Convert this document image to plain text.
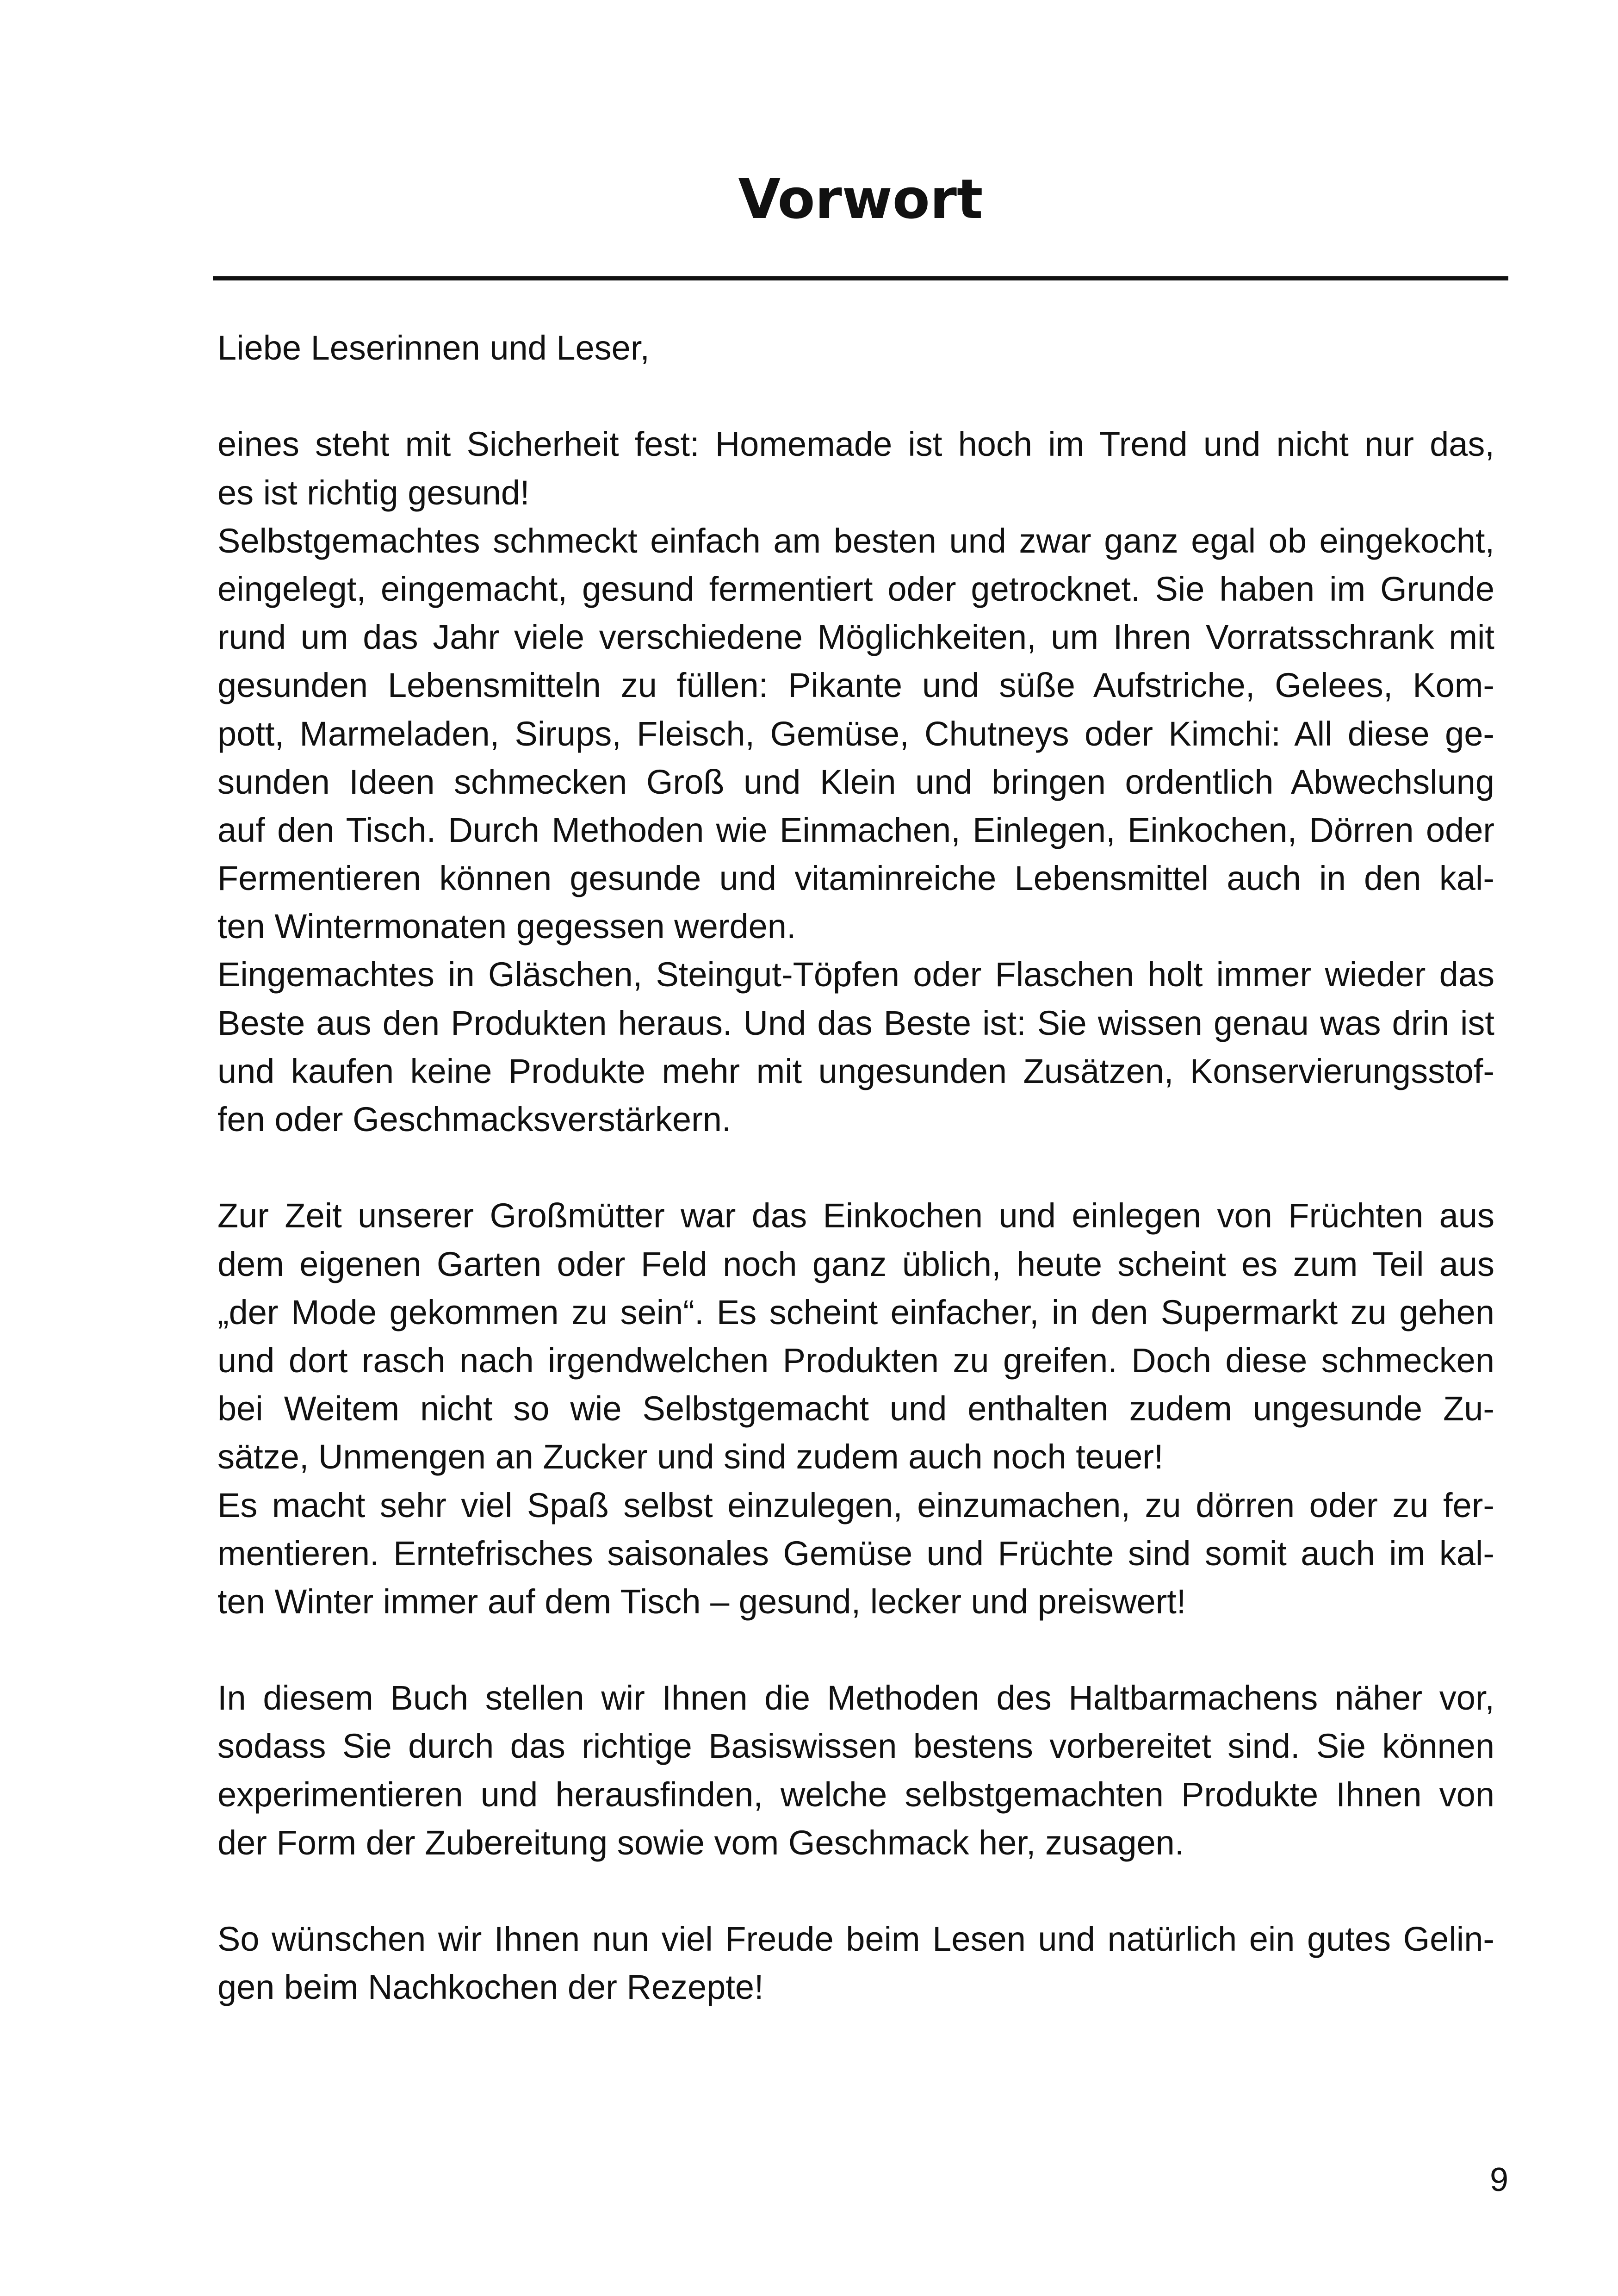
Vorwort
Liebe Leserinnen und Leser,
eines steht mit Sicherheit fest: Homemade ist hoch im Trend und nicht nur das,
es ist richtig gesund!
Selbstgemachtes schmeckt einfach am besten und zwar ganz egal ob eingekocht,
eingelegt, eingemacht, gesund fermentiert oder getrocknet. Sie haben im Grunde
rund um das Jahr viele verschiedene Möglichkeiten, um Ihren Vorratsschrank mit
gesunden Lebensmitteln zu füllen: Pikante und süße Aufstriche, Gelees, Kom-
pott, Marmeladen, Sirups, Fleisch, Gemüse, Chutneys oder Kimchi: All diese ge-
sunden Ideen schmecken Groß und Klein und bringen ordentlich Abwechslung
auf den Tisch. Durch Methoden wie Einmachen, Einlegen, Einkochen, Dörren oder
Fermentieren können gesunde und vitaminreiche Lebensmittel auch in den kal-
ten Wintermonaten gegessen werden.
Eingemachtes in Gläschen, Steingut-Töpfen oder Flaschen holt immer wieder das
Beste aus den Produkten heraus. Und das Beste ist: Sie wissen genau was drin ist
und kaufen keine Produkte mehr mit ungesunden Zusätzen, Konservierungsstof-
fen oder Geschmacksverstärkern.
Zur Zeit unserer Großmütter war das Einkochen und einlegen von Früchten aus
dem eigenen Garten oder Feld noch ganz üblich, heute scheint es zum Teil aus
„der Mode gekommen zu sein“. Es scheint einfacher, in den Supermarkt zu gehen
und dort rasch nach irgendwelchen Produkten zu greifen. Doch diese schmecken
bei Weitem nicht so wie Selbstgemacht und enthalten zudem ungesunde Zu-
sätze, Unmengen an Zucker und sind zudem auch noch teuer!
Es macht sehr viel Spaß selbst einzulegen, einzumachen, zu dörren oder zu fer-
mentieren. Erntefrisches saisonales Gemüse und Früchte sind somit auch im kal-
ten Winter immer auf dem Tisch – gesund, lecker und preiswert!
In diesem Buch stellen wir Ihnen die Methoden des Haltbarmachens näher vor,
sodass Sie durch das richtige Basiswissen bestens vorbereitet sind. Sie können
experimentieren und herausfinden, welche selbstgemachten Produkte Ihnen von
der Form der Zubereitung sowie vom Geschmack her, zusagen.
So wünschen wir Ihnen nun viel Freude beim Lesen und natürlich ein gutes Gelin-
gen beim Nachkochen der Rezepte!
9
